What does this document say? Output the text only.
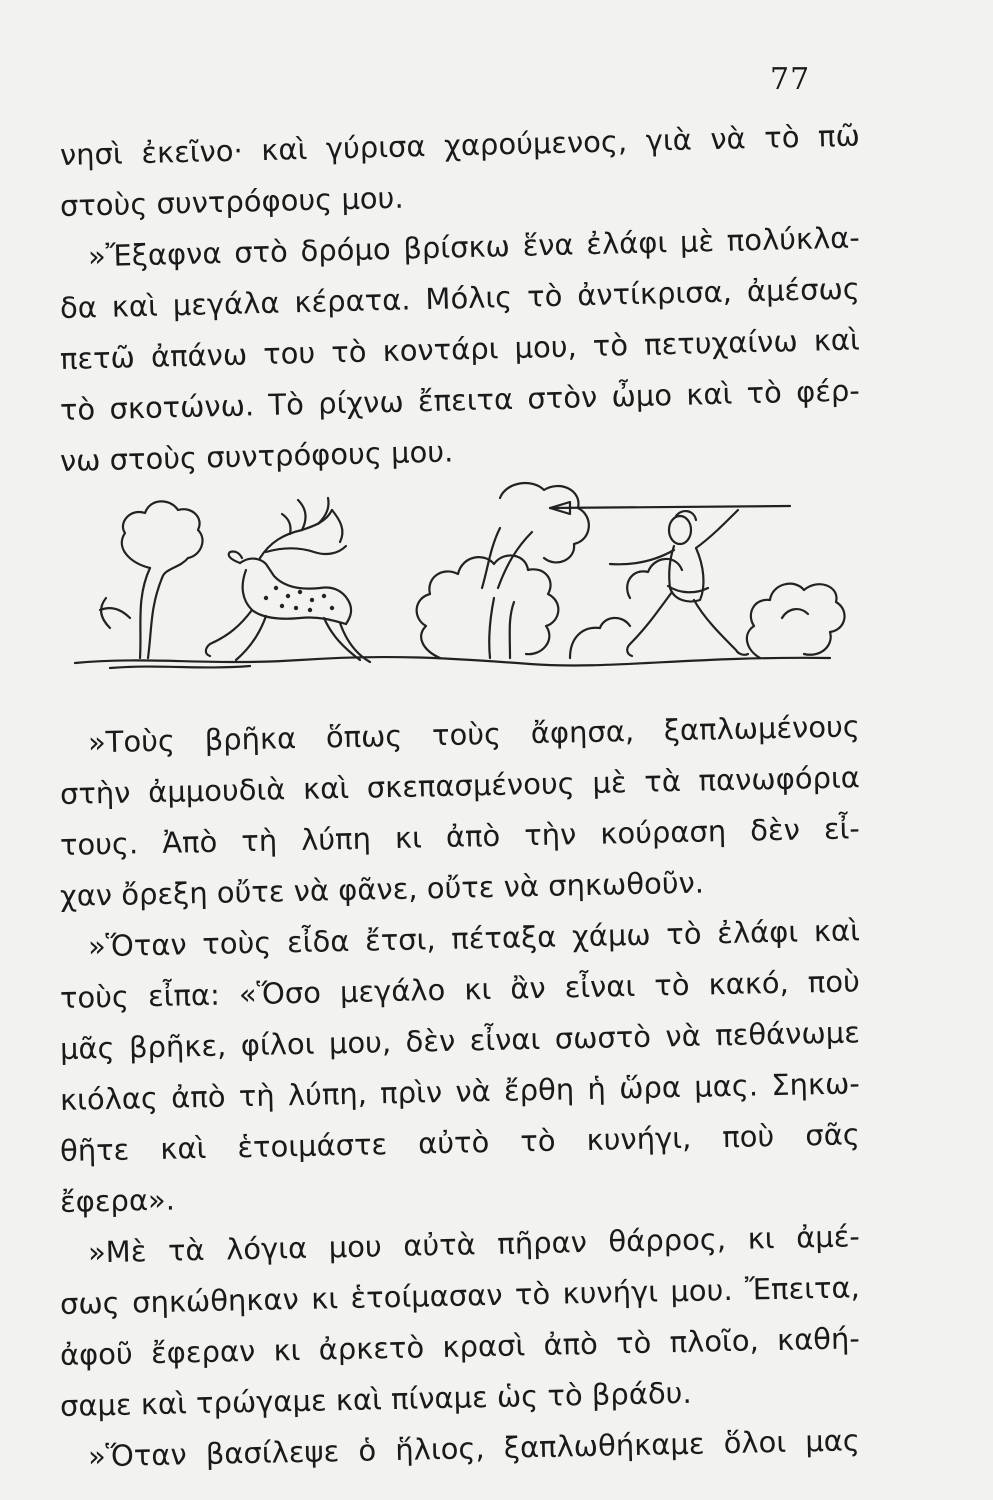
77
νησὶ ἐκεῖνο· καὶ γύρισα χαρούμενος, γιὰ νὰ τὸ πῶ
στοὺς συντρόφους μου.
»Ἔξαφνα στὸ δρόμο βρίσκω ἕνα ἐλάφι μὲ πολύκλα-
δα καὶ μεγάλα κέρατα. Μόλις τὸ ἀντίκρισα, ἀμέσως
πετῶ ἀπάνω του τὸ κοντάρι μου, τὸ πετυχαίνω καὶ
τὸ σκοτώνω. Τὸ ρίχνω ἔπειτα στὸν ὦμο καὶ τὸ φέρ-
νω στοὺς συντρόφους μου.
»Τοὺς βρῆκα ὅπως τοὺς ἄφησα, ξαπλωμένους
στὴν ἀμμουδιὰ καὶ σκεπασμένους μὲ τὰ πανωφόρια
τους. Ἀπὸ τὴ λύπη κι ἀπὸ τὴν κούραση δὲν εἶ-
χαν ὄρεξη οὔτε νὰ φᾶνε, οὔτε νὰ σηκωθοῦν.
»Ὅταν τοὺς εἶδα ἔτσι, πέταξα χάμω τὸ ἐλάφι καὶ
τοὺς εἶπα: «Ὅσο μεγάλο κι ἂν εἶναι τὸ κακό, ποὺ
μᾶς βρῆκε, φίλοι μου, δὲν εἶναι σωστὸ νὰ πεθάνωμε
κιόλας ἀπὸ τὴ λύπη, πρὶν νὰ ἔρθη ἡ ὥρα μας. Σηκω-
θῆτε καὶ ἑτοιμάστε αὐτὸ τὸ κυνήγι, ποὺ σᾶς
ἔφερα».
»Μὲ τὰ λόγια μου αὐτὰ πῆραν θάρρος, κι ἀμέ-
σως σηκώθηκαν κι ἑτοίμασαν τὸ κυνήγι μου. Ἔπειτα,
ἀφοῦ ἔφεραν κι ἀρκετὸ κρασὶ ἀπὸ τὸ πλοῖο, καθή-
σαμε καὶ τρώγαμε καὶ πίναμε ὡς τὸ βράδυ.
»Ὅταν βασίλεψε ὁ ἥλιος, ξαπλωθήκαμε ὅλοι μας
